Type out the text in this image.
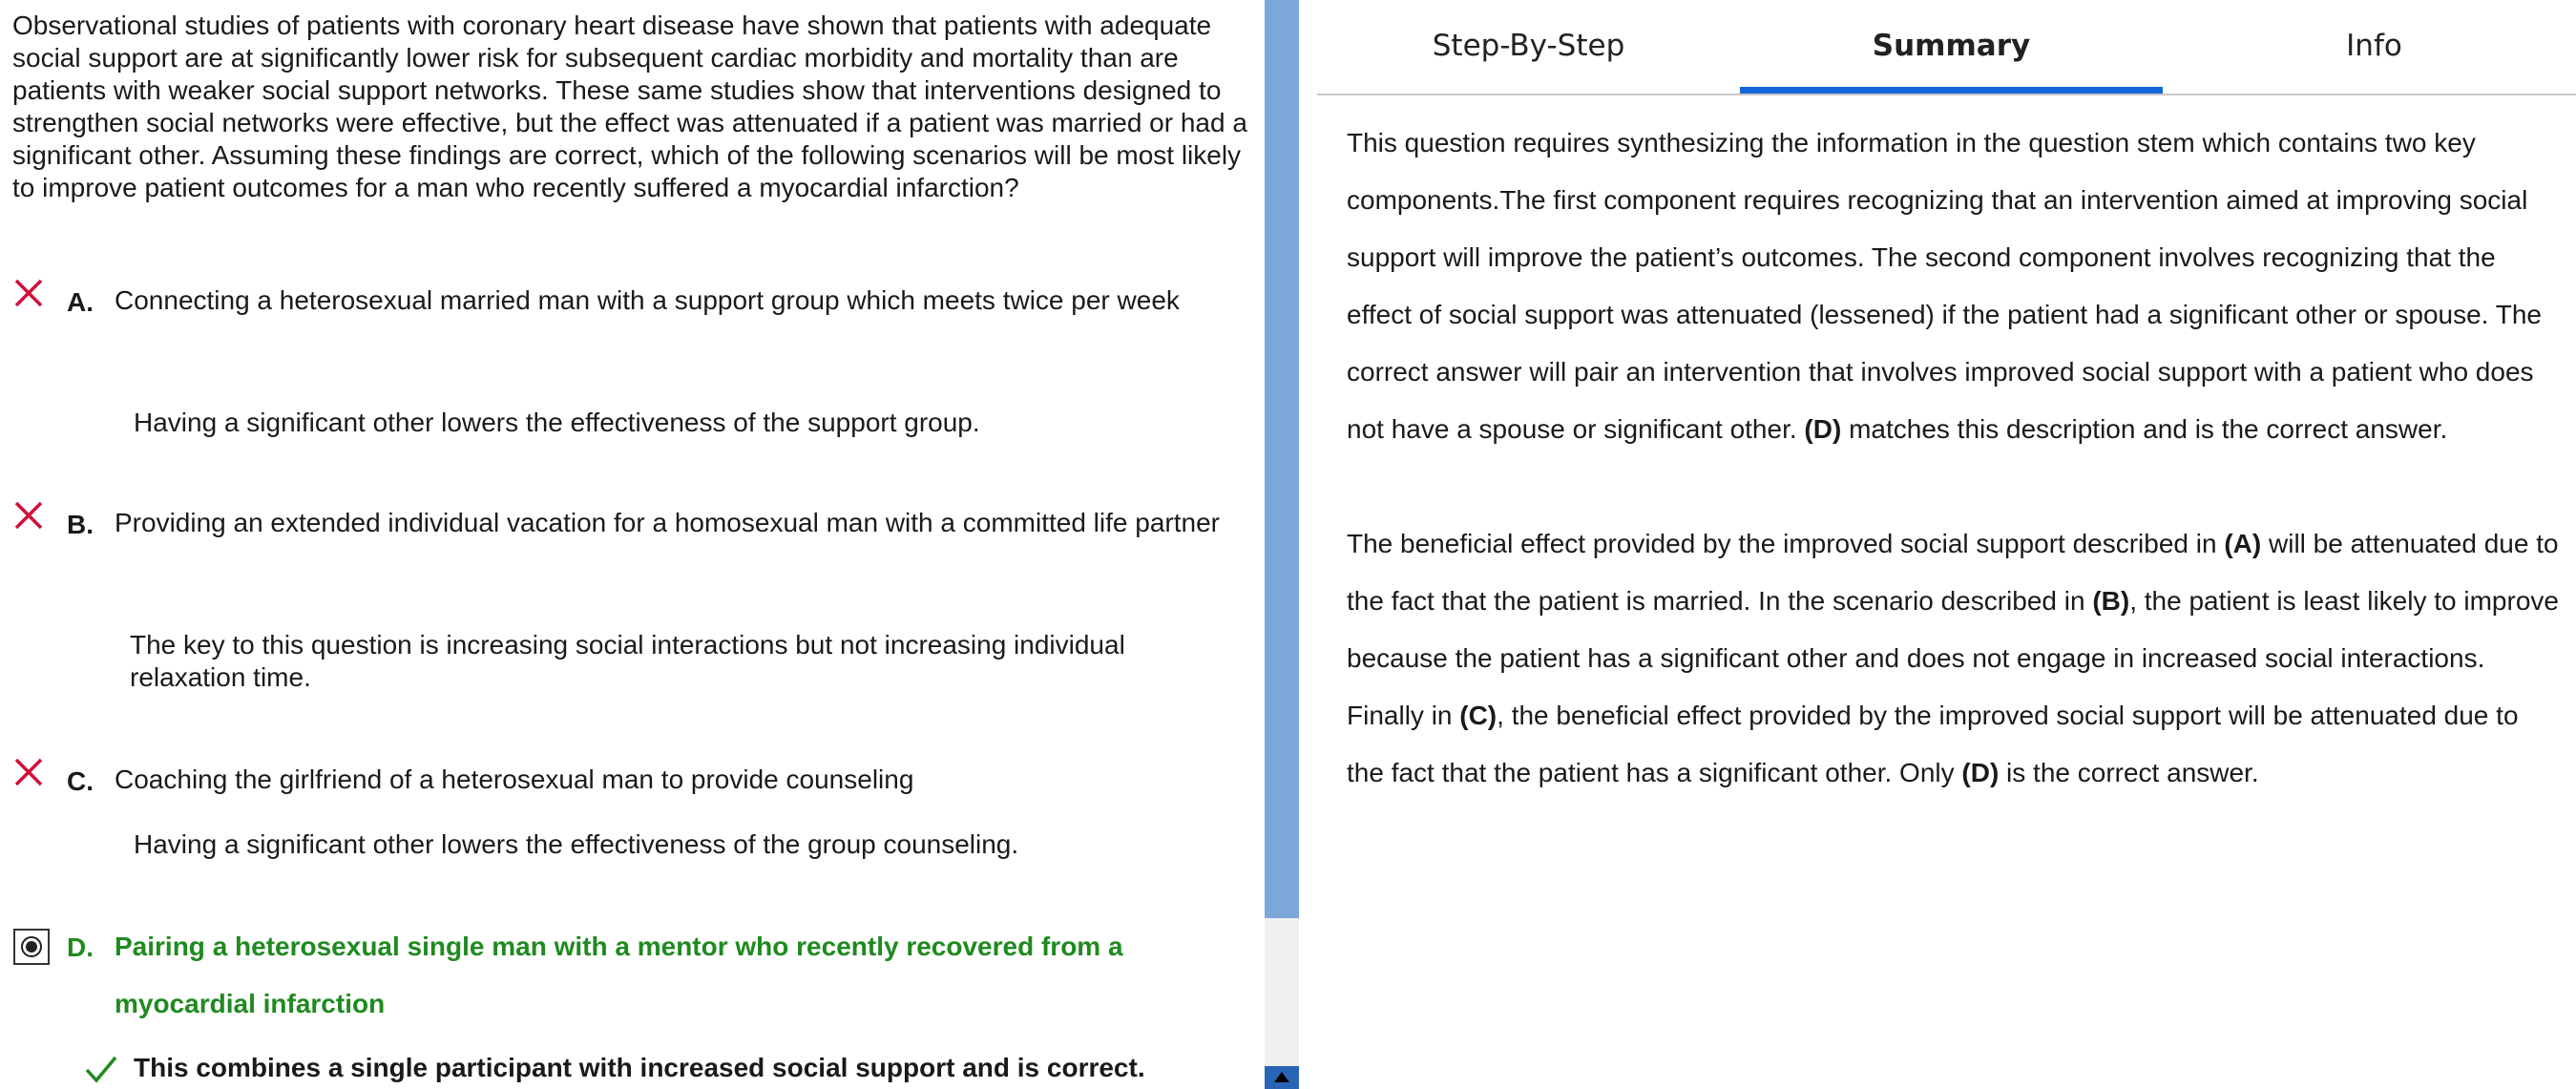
Observational studies of patients with coronary heart disease have shown that patients with adequate social support are at significantly lower risk for subsequent cardiac morbidity and mortality than are patients with weaker social support networks. These same studies show that interventions designed to strengthen social networks were effective, but the effect was attenuated if a patient was married or had a significant other. Assuming these findings are correct, which of the following scenarios will be most likely to improve patient outcomes for a man who recently suffered a myocardial infarction?

A. Connecting a heterosexual married man with a support group which meets twice per week
Having a significant other lowers the effectiveness of the support group.
B. Providing an extended individual vacation for a homosexual man with a committed life partner
The key to this question is increasing social interactions but not increasing individual relaxation time.
C. Coaching the girlfriend of a heterosexual man to provide counseling
Having a significant other lowers the effectiveness of the group counseling.
D. Pairing a heterosexual single man with a mentor who recently recovered from a myocardial infarction
This combines a single participant with increased social support and is correct.
Step-By-Step	Summary	Info

This question requires synthesizing the information in the question stem which contains two key components.The first component requires recognizing that an intervention aimed at improving social support will improve the patient’s outcomes. The second component involves recognizing that the effect of social support was attenuated (lessened) if the patient had a significant other or spouse. The correct answer will pair an intervention that involves improved social support with a patient who does not have a spouse or significant other. (D) matches this description and is the correct answer.

The beneficial effect provided by the improved social support described in (A) will be attenuated due to the fact that the patient is married. In the scenario described in (B), the patient is least likely to improve because the patient has a significant other and does not engage in increased social interactions. Finally in (C), the beneficial effect provided by the improved social support will be attenuated due to the fact that the patient has a significant other. Only (D) is the correct answer.
